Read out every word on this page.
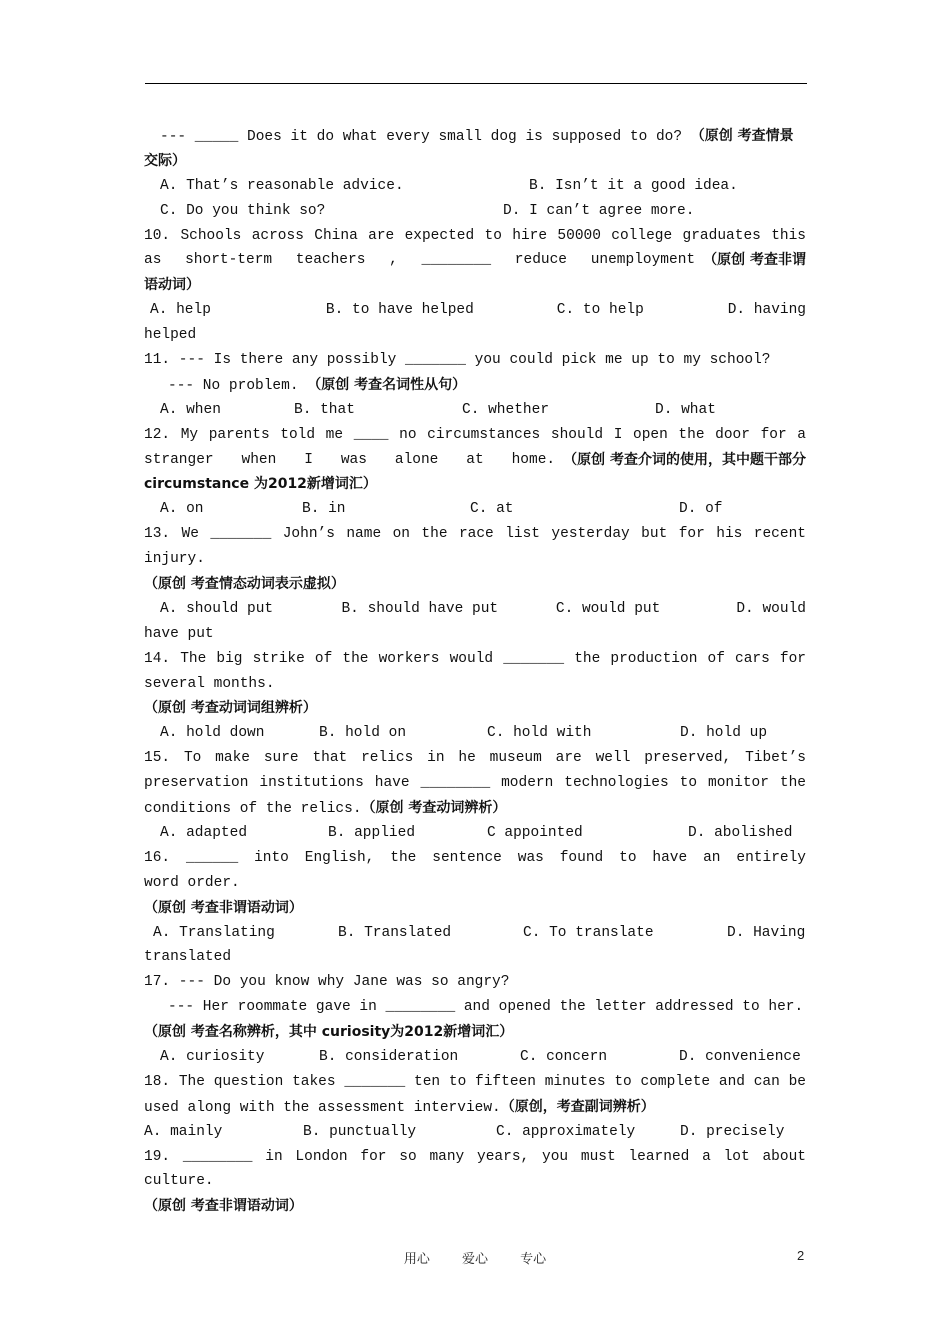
--- _____ Does it do what every small dog is supposed to do? （原创 考查情景
交际）
A. That’s reasonable advice.	B. Isn’t it a good idea.
C. Do you think so?	D. I can’t agree more.
10. Schools across China are expected to hire 50000 college graduates this
as short-term teachers , ________ reduce unemployment （原创 考查非谓
语动词）
A. help	B. to have helped	C. to help	D. having
helped
11. --- Is there any possibly _______ you could pick me up to my school?
--- No problem. （原创 考查名词性从句）
A. when	B. that	C. whether	D. what
12. My parents told me ____ no circumstances should I open the door for a
stranger when I was alone at home. （原创 考查介词的使用，其中题干部分
circumstance 为2012新增词汇）
A. on	B. in	C. at	D. of
13. We _______ John’s name on the race list yesterday but for his recent
injury.
（原创 考查情态动词表示虚拟）
A. should put	B. should have put	C. would put	D. would
have put
14. The big strike of the workers would _______ the production of cars for
several months.
（原创 考查动词词组辨析）
A. hold down	B. hold on	C. hold with	D. hold up
15. To make sure that relics in he museum are well preserved, Tibet’s
preservation institutions have ________ modern technologies to monitor the
conditions of the relics.（原创 考查动词辨析）
A. adapted	B. applied	C appointed	D. abolished
16. ______ into English, the sentence was found to have an entirely
word order.
（原创 考查非谓语动词）
A. Translating	B. Translated	C. To translate	D. Having
translated
17. --- Do you know why Jane was so angry?
--- Her roommate gave in ________ and opened the letter addressed to her.
（原创 考查名称辨析，其中 curiosity为2012新增词汇）
A. curiosity	B. consideration	C. concern	D. convenience
18. The question takes _______ ten to fifteen minutes to complete and can be
used along with the assessment interview.（原创，考查副词辨析）
A. mainly	B. punctually	C. approximately	D. precisely
19. ________ in London for so many years, you must learned a lot about
culture.
（原创 考查非谓语动词）
用心 爱心 专心	2
